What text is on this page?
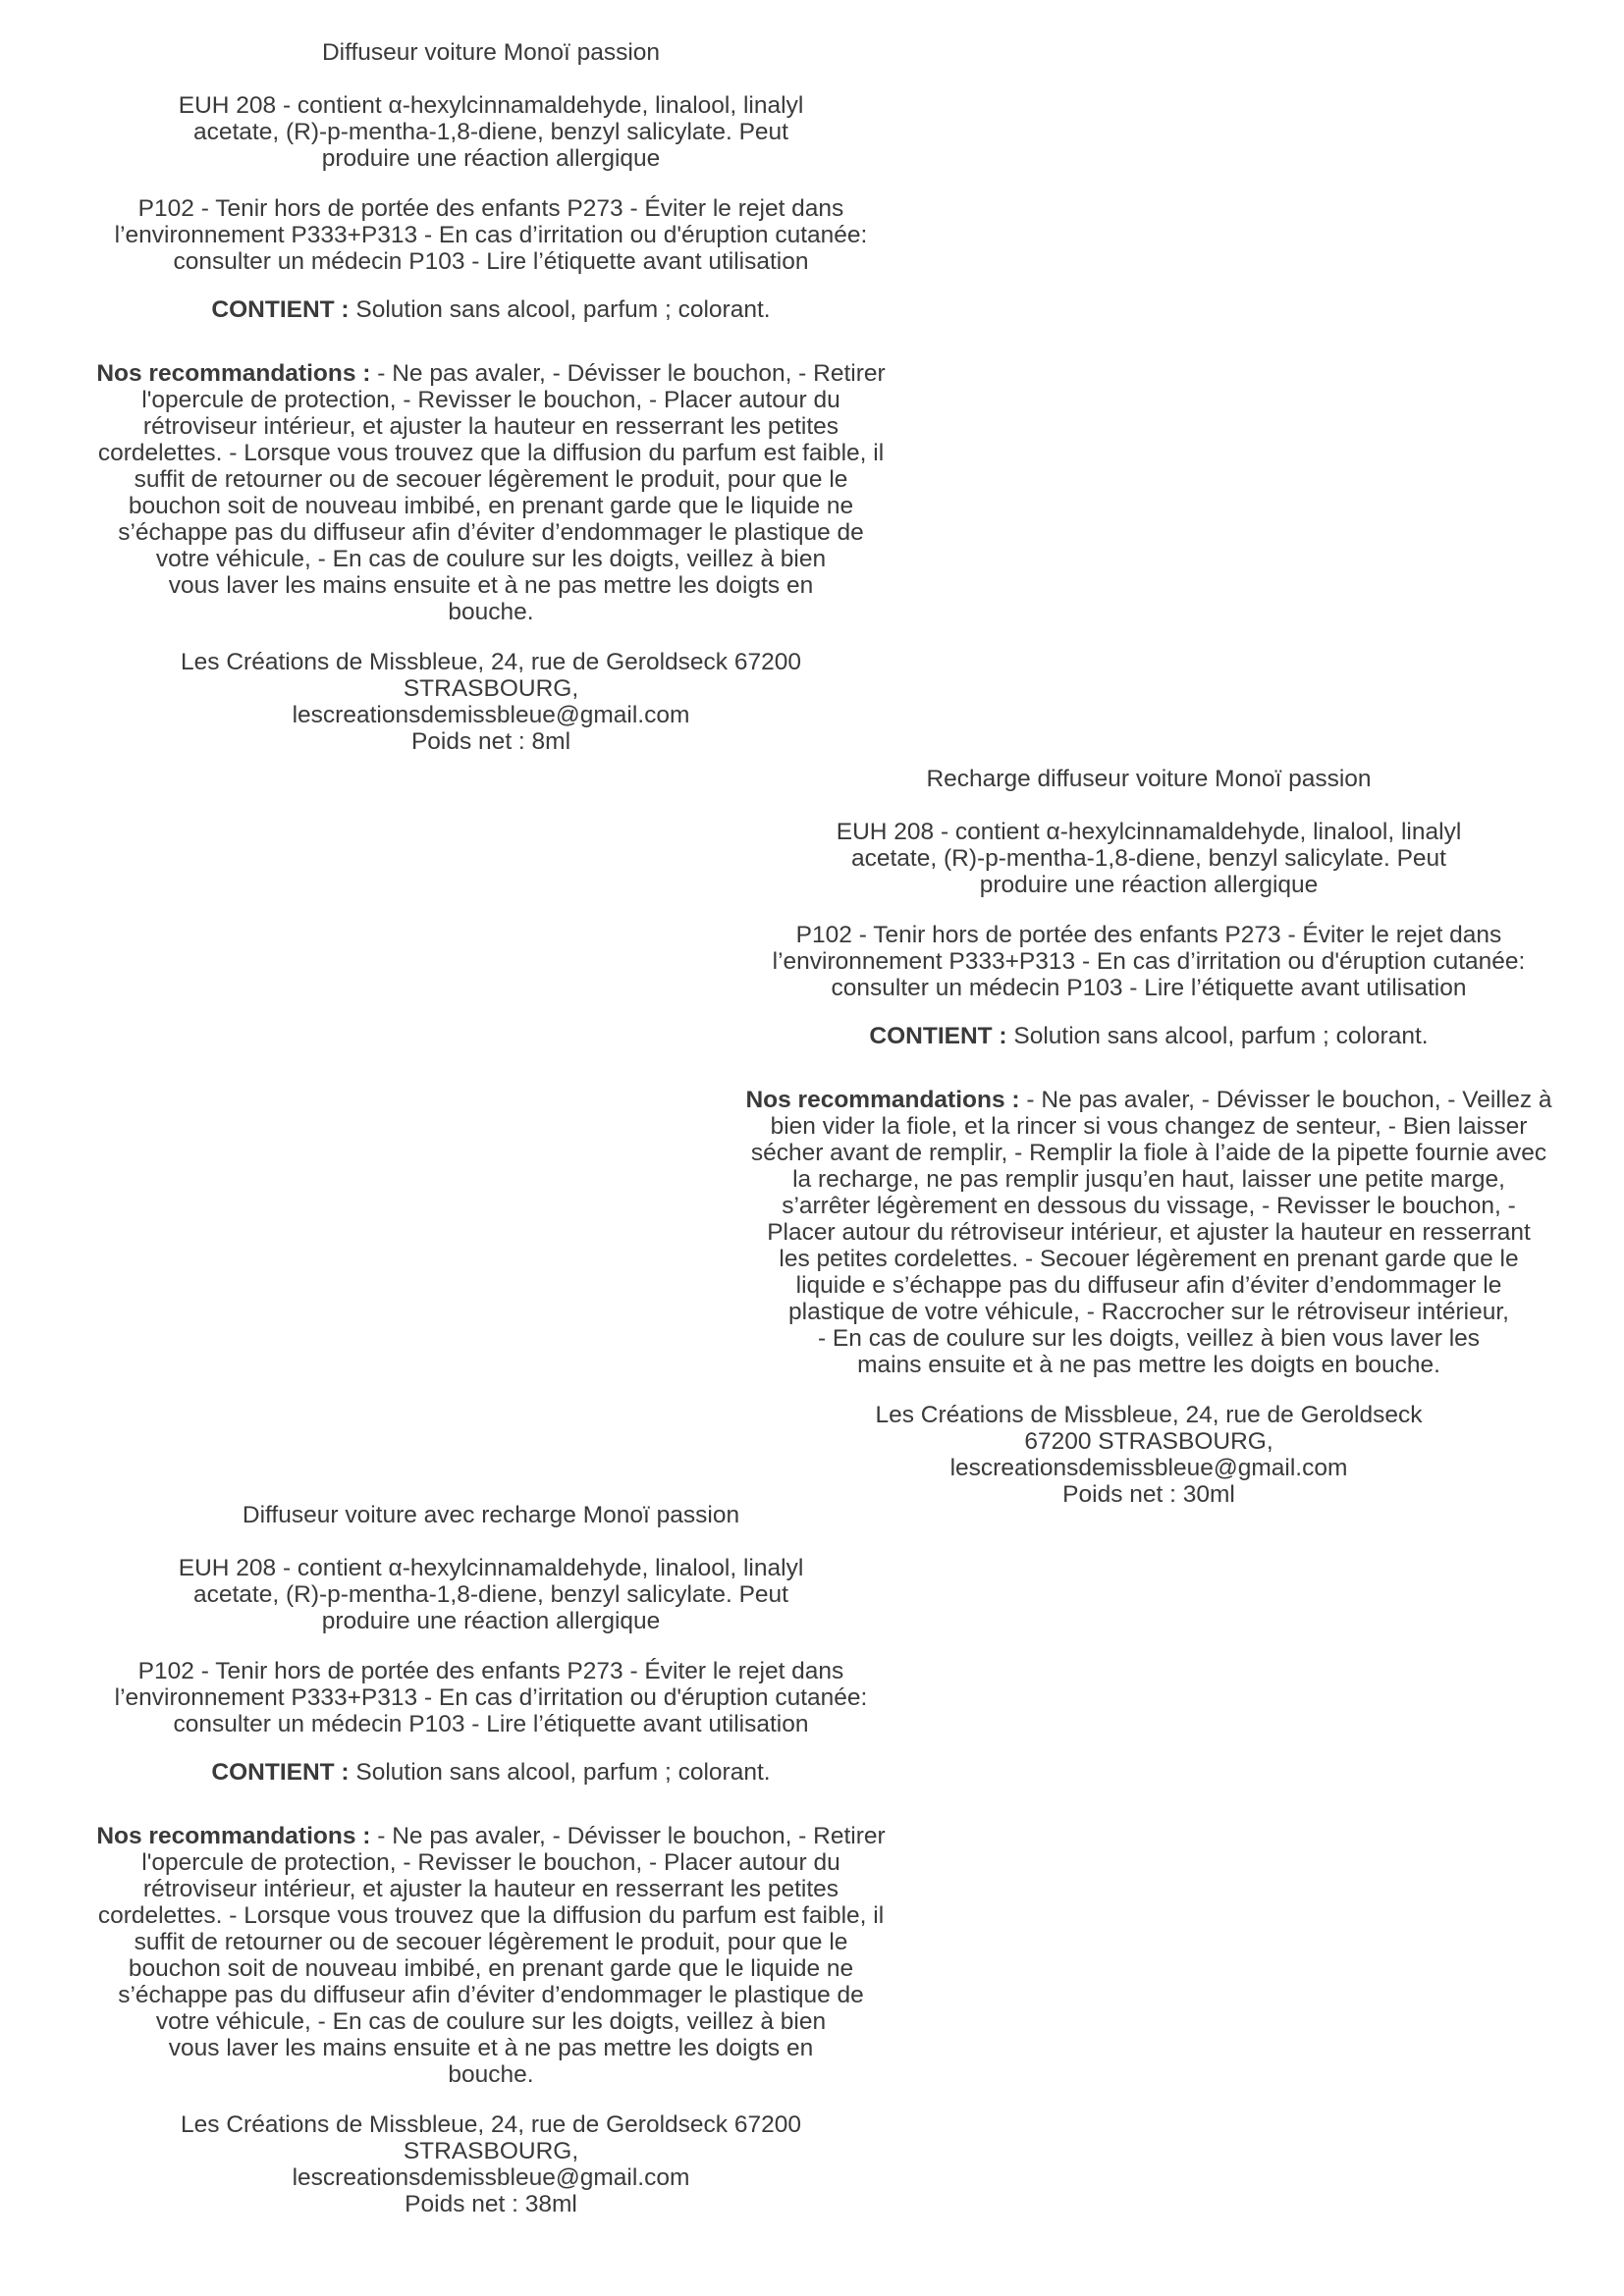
Diffuseur voiture Monoï passion

EUH 208 - contient α-hexylcinnamaldehyde, linalool, linalyl

acetate, (R)-p-mentha-1,8-diene, benzyl salicylate. Peut

produire une réaction allergique

P102 - Tenir hors de portée des enfants P273 - Éviter le rejet dans

l’environnement P333+P313 - En cas d’irritation ou d'éruption cutanée:

consulter un médecin P103 - Lire l’étiquette avant utilisation

CONTIENT : Solution sans alcool, parfum ; colorant.

Nos recommandations : - Ne pas avaler, - Dévisser le bouchon, - Retirer

l'opercule de protection, - Revisser le bouchon, - Placer autour du

rétroviseur intérieur, et ajuster la hauteur en resserrant les petites

cordelettes. - Lorsque vous trouvez que la diffusion du parfum est faible, il

suffit de retourner ou de secouer légèrement le produit, pour que le

bouchon soit de nouveau imbibé, en prenant garde que le liquide ne

s’échappe pas du diffuseur afin d’éviter d’endommager le plastique de

votre véhicule, - En cas de coulure sur les doigts, veillez à bien

vous laver les mains ensuite et à ne pas mettre les doigts en

bouche.

Les Créations de Missbleue, 24, rue de Geroldseck 67200

STRASBOURG,

lescreationsdemissbleue@gmail.com

Poids net : 8ml

Recharge diffuseur voiture Monoï passion

EUH 208 - contient α-hexylcinnamaldehyde, linalool, linalyl

acetate, (R)-p-mentha-1,8-diene, benzyl salicylate. Peut

produire une réaction allergique

P102 - Tenir hors de portée des enfants P273 - Éviter le rejet dans

l’environnement P333+P313 - En cas d’irritation ou d'éruption cutanée:

consulter un médecin P103 - Lire l’étiquette avant utilisation

CONTIENT : Solution sans alcool, parfum ; colorant.

Nos recommandations : - Ne pas avaler, - Dévisser le bouchon, - Veillez à

bien vider la fiole, et la rincer si vous changez de senteur, - Bien laisser

sécher avant de remplir, - Remplir la fiole à l’aide de la pipette fournie avec

la recharge, ne pas remplir jusqu’en haut, laisser une petite marge,

s’arrêter légèrement en dessous du vissage, - Revisser le bouchon, -

Placer autour du rétroviseur intérieur, et ajuster la hauteur en resserrant

les petites cordelettes. - Secouer légèrement en prenant garde que le

liquide e s’échappe pas du diffuseur afin d’éviter d’endommager le

plastique de votre véhicule, - Raccrocher sur le rétroviseur intérieur,

- En cas de coulure sur les doigts, veillez à bien vous laver les

mains ensuite et à ne pas mettre les doigts en bouche.

Les Créations de Missbleue, 24, rue de Geroldseck

67200 STRASBOURG,

lescreationsdemissbleue@gmail.com

Poids net : 30ml

Diffuseur voiture avec recharge Monoï passion

EUH 208 - contient α-hexylcinnamaldehyde, linalool, linalyl

acetate, (R)-p-mentha-1,8-diene, benzyl salicylate. Peut

produire une réaction allergique

P102 - Tenir hors de portée des enfants P273 - Éviter le rejet dans

l’environnement P333+P313 - En cas d’irritation ou d'éruption cutanée:

consulter un médecin P103 - Lire l’étiquette avant utilisation

CONTIENT : Solution sans alcool, parfum ; colorant.

Nos recommandations : - Ne pas avaler, - Dévisser le bouchon, - Retirer

l'opercule de protection, - Revisser le bouchon, - Placer autour du

rétroviseur intérieur, et ajuster la hauteur en resserrant les petites

cordelettes. - Lorsque vous trouvez que la diffusion du parfum est faible, il

suffit de retourner ou de secouer légèrement le produit, pour que le

bouchon soit de nouveau imbibé, en prenant garde que le liquide ne

s’échappe pas du diffuseur afin d’éviter d’endommager le plastique de

votre véhicule, - En cas de coulure sur les doigts, veillez à bien

vous laver les mains ensuite et à ne pas mettre les doigts en

bouche.

Les Créations de Missbleue, 24, rue de Geroldseck 67200

STRASBOURG,

lescreationsdemissbleue@gmail.com

Poids net : 38ml
